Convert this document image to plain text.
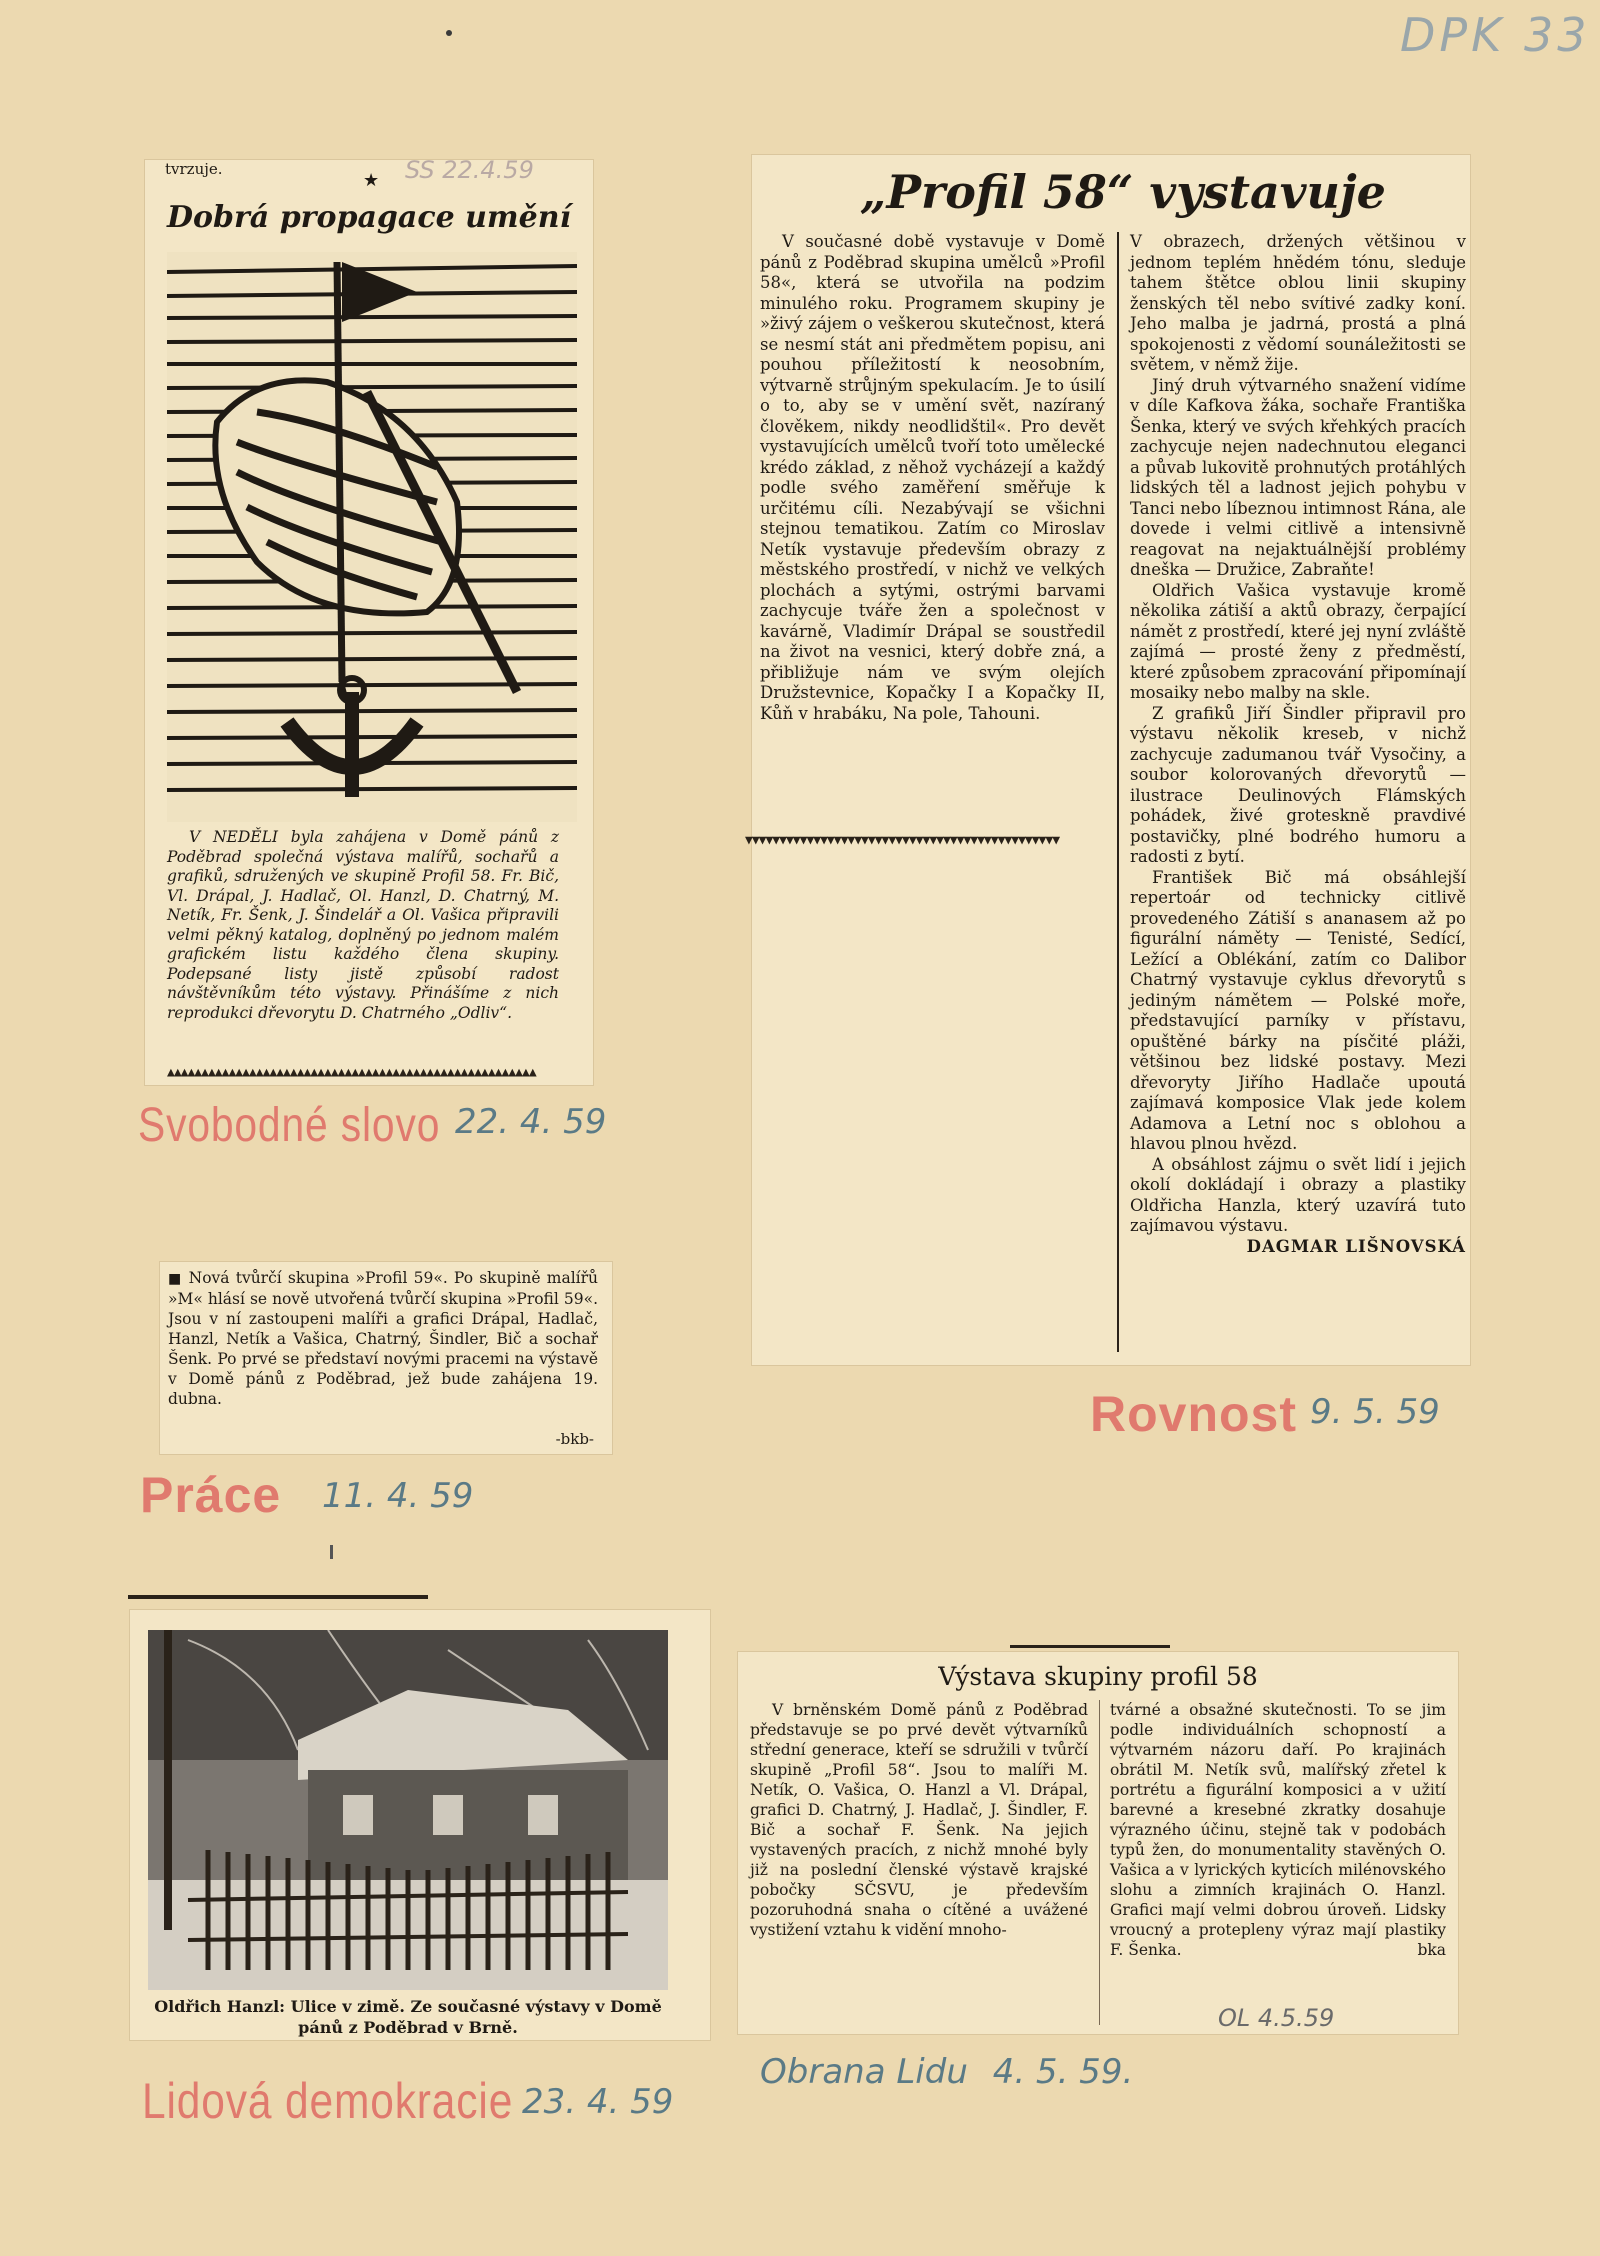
DPK 33
tvrzuje.
★ SS 22.4.59
Dobrá propagace umění
V NEDĚLI byla zahájena v Domě pánů z Poděbrad společná výstava malířů, sochařů a grafiků, sdružených ve skupině Profil 58. Fr. Bič, Vl. Drápal, J. Hadlač, Ol. Hanzl, D. Chatrný, M. Netík, Fr. Šenk, J. Šindelář a Ol. Vašica připravili velmi pěkný katalog, doplněný po jednom malém grafickém listu každého člena skupiny. Podepsané listy jistě způsobí radost návštěvníkům této výstavy. Přinášíme z nich reprodukci dřevorytu D. Chatrného „Odliv“.
▲▲▲▲▲▲▲▲▲▲▲▲▲▲▲▲▲▲▲▲▲▲▲▲▲▲▲▲▲▲▲▲▲▲▲▲▲▲▲▲▲▲▲▲▲▲▲▲▲▲▲▲▲▲
Svobodné slovo 22. 4. 59
■ Nová tvůrčí skupina »Profil 59«. Po skupině malířů »M« hlásí se nově utvořená tvůrčí skupina »Profil 59«. Jsou v ní zastoupeni malíři a grafici Drápal, Hadlač, Hanzl, Netík a Vašica, Chatrný, Šindler, Bič a sochař Šenk. Po prvé se představí novými pracemi na výstavě v Domě pánů z Poděbrad, jež bude zahájena 19. dubna.
-bkb-
Práce 11. 4. 59
„Profil 58“ vystavuje

V současné době vystavuje v Domě pánů z Poděbrad skupina umělců »Profil 58«, která se utvořila na podzim minulého roku. Programem skupiny je »živý zájem o veškerou skutečnost, která se nesmí stát ani předmětem popisu, ani pouhou příležitostí k neosobním, výtvarně strůjným spekulacím. Je to úsilí o to, aby se v umění svět, nazíraný člověkem, nikdy neodlidštil«. Pro devět vystavujících umělců tvoří toto umělecké krédo základ, z něhož vycházejí a každý podle svého zaměření směřuje k určitému cíli. Nezabývají se všichni stejnou tematikou. Zatím co Miroslav Netík vystavuje především obrazy z městského prostředí, v nichž ve velkých plochách a sytými, ostrými barvami zachycuje tváře žen a společnost v kavárně, Vladimír Drápal se soustředil na život na vesnici, který dobře zná, a přibližuje nám ve svým olejích Družstevnice, Kopačky I a Kopačky II, Kůň v hrabáku, Na pole, Tahouni.

▼▼▼▼▼▼▼▼▼▼▼▼▼▼▼▼▼▼▼▼▼▼▼▼▼▼▼▼▼▼▼▼▼▼▼▼▼▼▼▼▼▼▼▼▼▼

V obrazech, držených většinou v jednom teplém hnědém tónu, sleduje tahem štětce oblou linii skupiny ženských těl nebo svítivé zadky koní. Jeho malba je jadrná, prostá a plná spokojenosti z vědomí sounáležitosti se světem, v němž žije.

Jiný druh výtvarného snažení vidíme v díle Kafkova žáka, sochaře Františka Šenka, který ve svých křehkých pracích zachycuje nejen nadechnutou eleganci a půvab lukovitě prohnutých protáhlých lidských těl a ladnost jejich pohybu v Tanci nebo líbeznou intimnost Rána, ale dovede i velmi citlivě a intensivně reagovat na nejaktuálnější problémy dneška — Družice, Zabraňte!

Oldřich Vašica vystavuje kromě několika zátiší a aktů obrazy, čerpající námět z prostředí, které jej nyní zvláště zajímá — prosté ženy z předměstí, které způsobem zpracování připomínají mosaiky nebo malby na skle.

Z grafiků Jiří Šindler připravil pro výstavu několik kreseb, v nichž zachycuje zadumanou tvář Vysočiny, a soubor kolorovaných dřevorytů — ilustrace Deulinových Flámských pohádek, živé groteskně pravdivé postavičky, plné bodrého humoru a radosti z bytí.

František Bič má obsáhlejší repertoár od technicky citlivě provedeného Zátiší s ananasem až po figurální náměty — Tenisté, Sedící, Ležící a Oblékání, zatím co Dalibor Chatrný vystavuje cyklus dřevorytů s jediným námětem — Polské moře, představující parníky v přístavu, opuštěné bárky na písčité pláži, většinou bez lidské postavy. Mezi dřevoryty Jiřího Hadlače upoutá zajímavá komposice Vlak jede kolem Adamova a Letní noc s oblohou a hlavou plnou hvězd.

A obsáhlost zájmu o svět lidí i jejich okolí dokládají i obrazy a plastiky Oldřicha Hanzla, který uzavírá tuto zajímavou výstavu.

DAGMAR LIŠNOVSKÁ

Rovnost 9. 5. 59
Oldřich Hanzl: Ulice v zimě. Ze současné výstavy v Domě pánů z Poděbrad v Brně.
Lidová demokracie 23. 4. 59
Výstava skupiny profil 58
V brněnském Domě pánů z Poděbrad představuje se po prvé devět výtvarníků střední generace, kteří se sdružili v tvůrčí skupině „Profil 58“. Jsou to malíři M. Netík, O. Vašica, O. Hanzl a Vl. Drápal, grafici D. Chatrný, J. Hadlač, J. Šindler, F. Bič a sochař F. Šenk. Na jejich vystavených pracích, z nichž mnohé byly již na poslední členské výstavě krajské pobočky SČSVU, je především pozoruhodná snaha o cítěné a uvážené vystižení vztahu k vidění mnoho-
tvárné a obsažné skutečnosti. To se jim podle individuálních schopností a výtvarném názoru daří. Po krajinách obrátil M. Netík svů, malířský zřetel k portrétu a figurální komposici a v užití barevné a kresebné zkratky dosahuje výrazného účinu, stejně tak v podobách typů žen, do monumentality stavěných O. Vašica a v lyrických kyticích milénovského slohu a zimních krajinách O. Hanzl. Grafici mají velmi dobrou úroveň. Lidsky vroucný a protepleny výraz mají plastiky F. Šenka.	bka
OL 4.5.59
Obrana Lidu 4. 5. 59.
